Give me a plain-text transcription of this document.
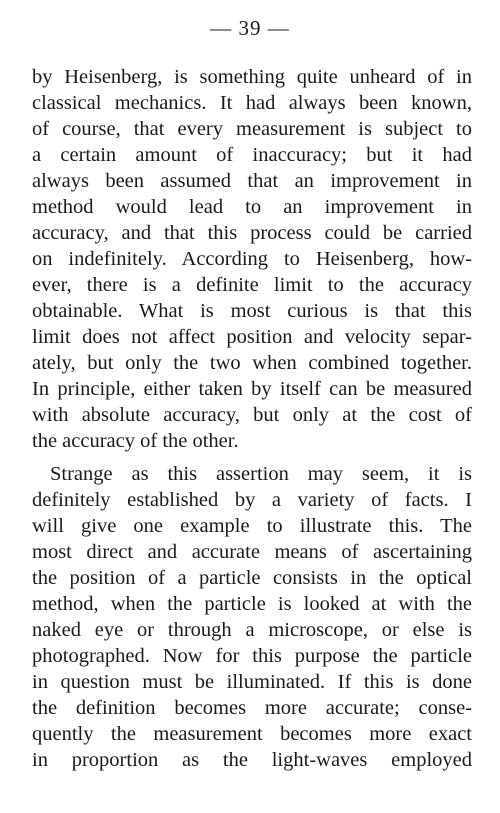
— 39 —
by Heisenberg, is something quite unheard of in
classical mechanics. It had always been known,
of course, that every measurement is subject to
a certain amount of inaccuracy; but it had
always been assumed that an improvement in
method would lead to an improvement in
accuracy, and that this process could be carried
on indefinitely. According to Heisenberg, how-
ever, there is a definite limit to the accuracy
obtainable. What is most curious is that this
limit does not affect position and velocity separ-
ately, but only the two when combined together.
In principle, either taken by itself can be measured
with absolute accuracy, but only at the cost of
the accuracy of the other.
Strange as this assertion may seem, it is
definitely established by a variety of facts. I
will give one example to illustrate this. The
most direct and accurate means of ascertaining
the position of a particle consists in the optical
method, when the particle is looked at with the
naked eye or through a microscope, or else is
photographed. Now for this purpose the particle
in question must be illuminated. If this is done
the definition becomes more accurate; conse-
quently the measurement becomes more exact
in proportion as the light-waves employed
